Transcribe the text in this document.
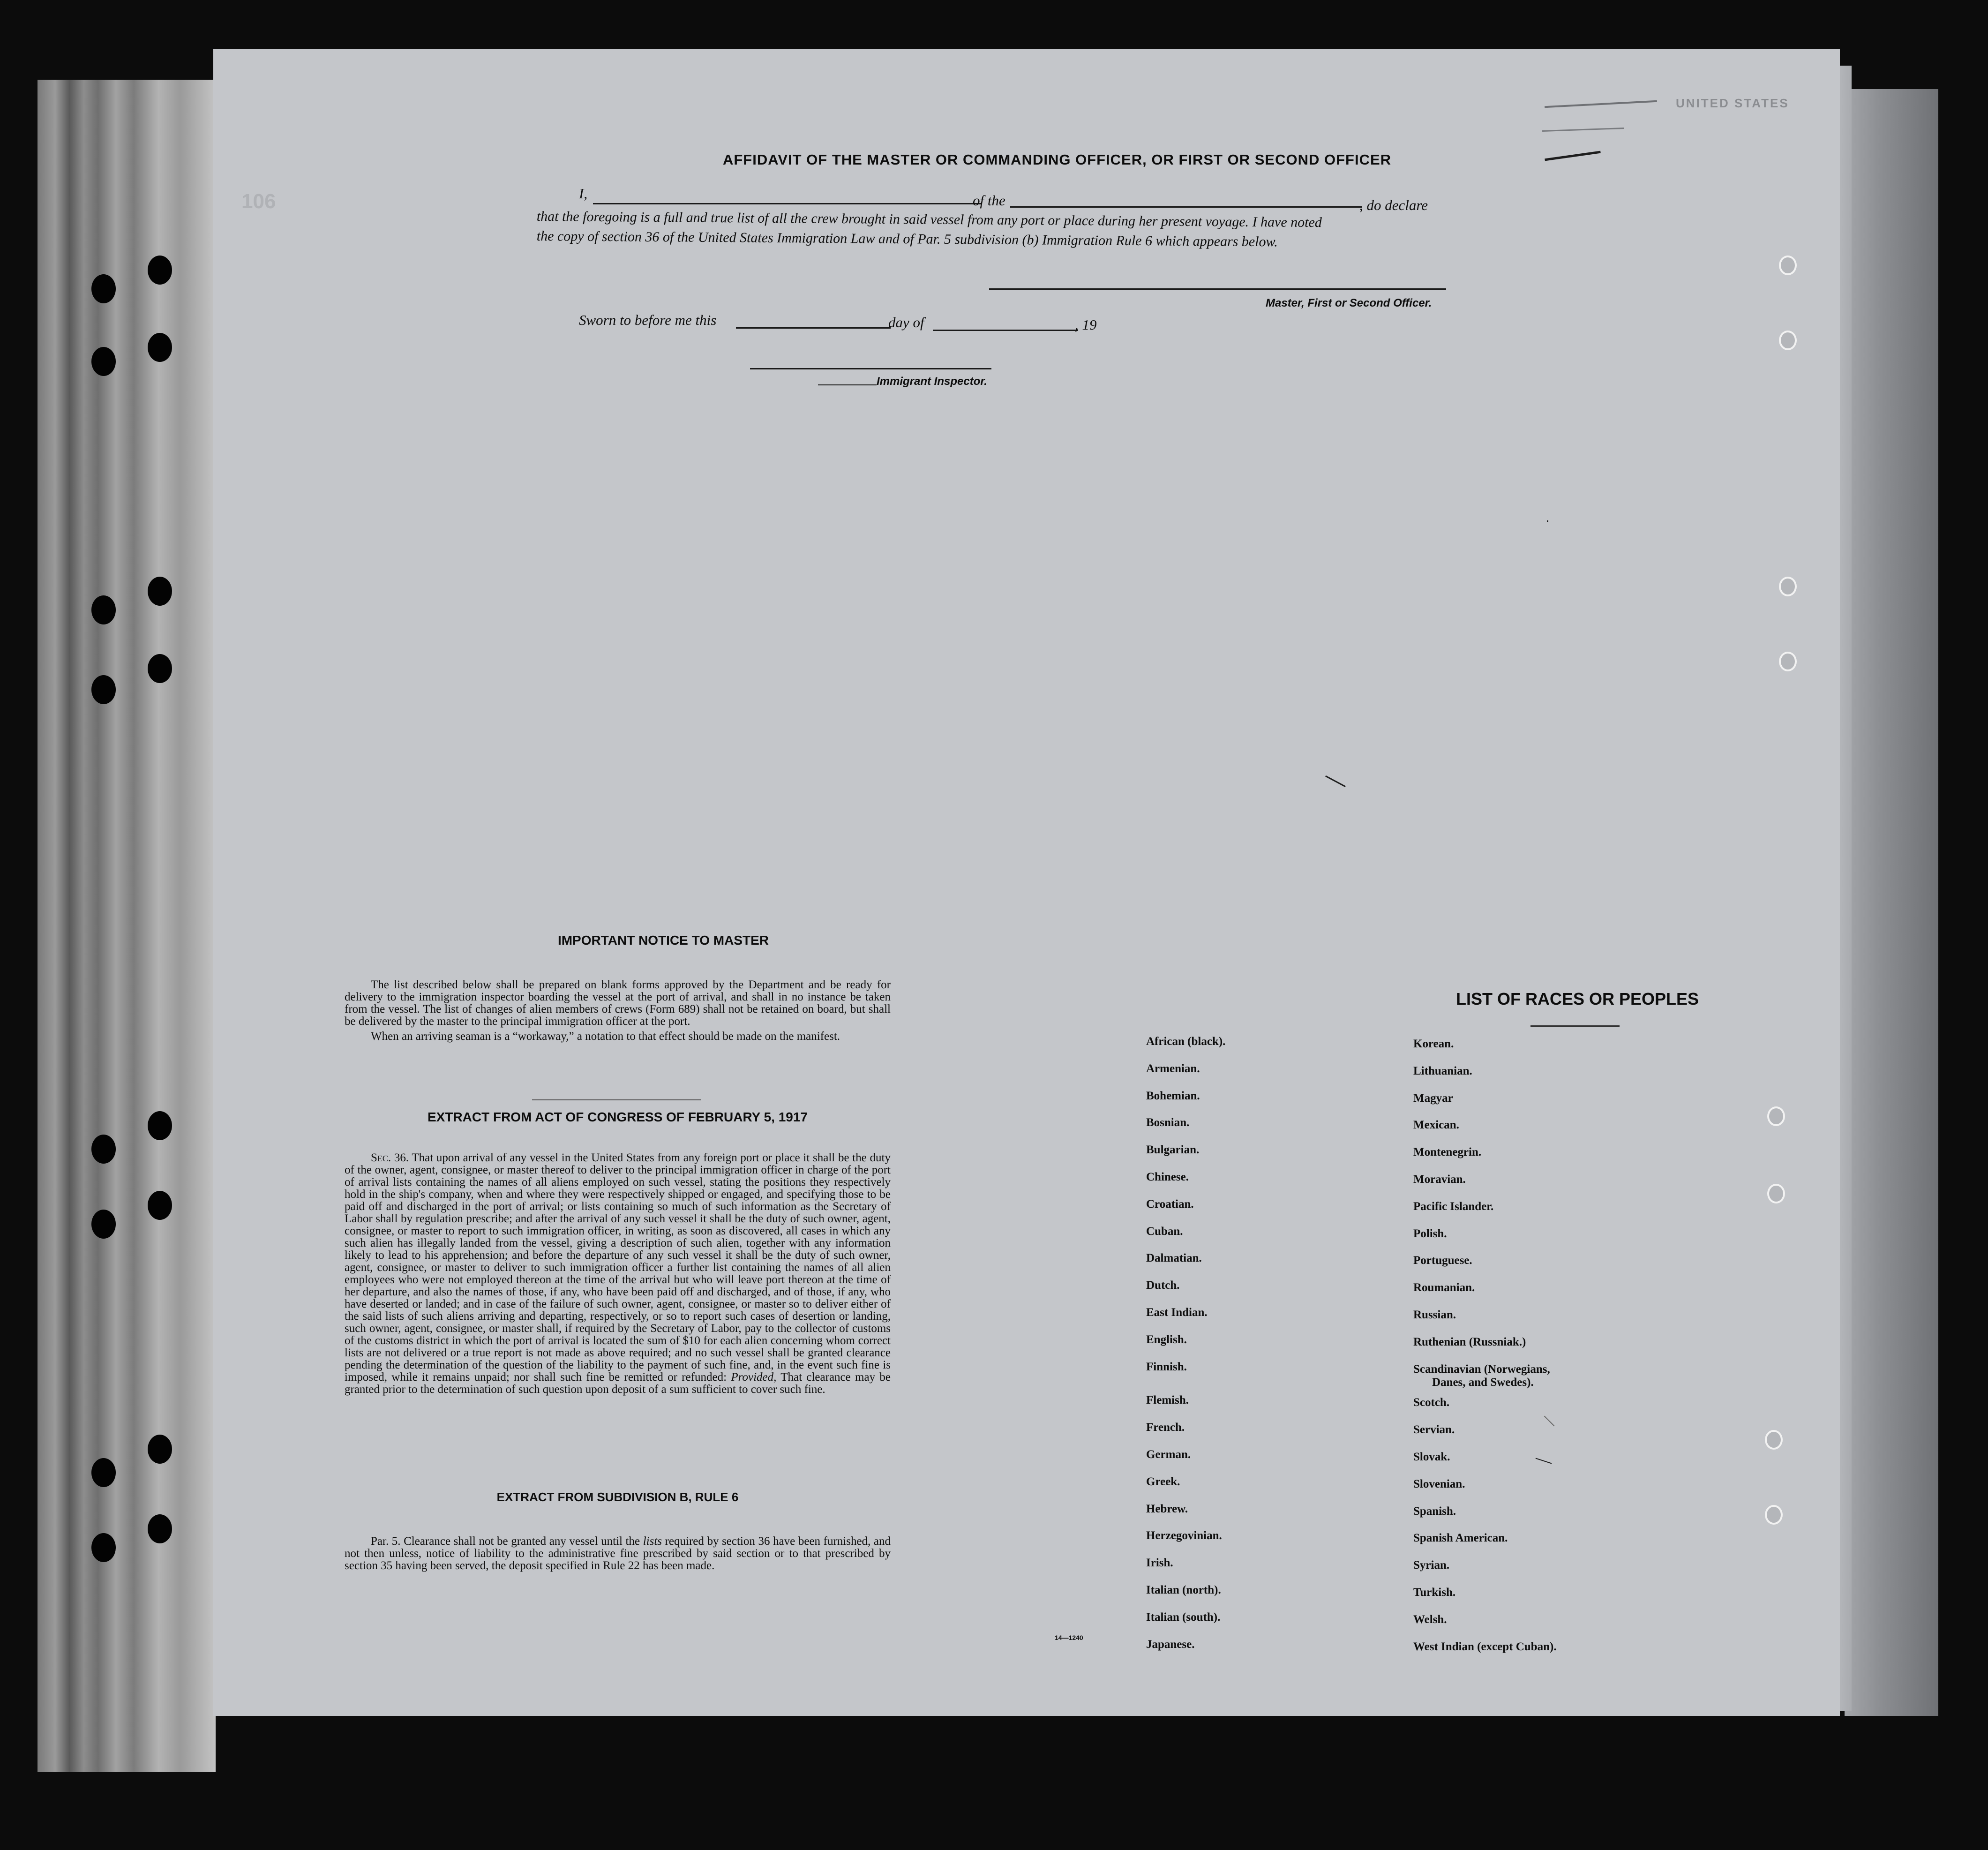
106
UNITED STATES
AFFIDAVIT OF THE MASTER OR COMMANDING OFFICER, OR FIRST OR SECOND OFFICER
I,	of the	, do declare
that the foregoing is a full and true list of all the crew brought in said vessel from any port or place during her present voyage. I have noted
the copy of section 36 of the United States Immigration Law and of Par. 5 subdivision (b) Immigration Rule 6 which appears below.
Master, First or Second Officer.
Sworn to before me this	day of	, 19
Immigrant Inspector.
IMPORTANT NOTICE TO MASTER

The list described below shall be prepared on blank forms approved by the Department and be ready for delivery to the immigration inspector boarding the vessel at the port of arrival, and shall in no instance be taken from the vessel. The list of changes of alien members of crews (Form 689) shall not be retained on board, but shall be delivered by the master to the principal immigration officer at the port.

When an arriving seaman is a “workaway,” a notation to that effect should be made on the manifest.

EXTRACT FROM ACT OF CONGRESS OF FEBRUARY 5, 1917
Sec. 36. That upon arrival of any vessel in the United States from any foreign port or place it shall be the duty of the owner, agent, consignee, or master thereof to deliver to the principal immigration officer in charge of the port of arrival lists containing the names of all aliens employed on such vessel, stating the positions they respectively hold in the ship's company, when and where they were respectively shipped or engaged, and specifying those to be paid off and discharged in the port of arrival; or lists containing so much of such information as the Secretary of Labor shall by regulation prescribe; and after the arrival of any such vessel it shall be the duty of such owner, agent, consignee, or master to report to such immigration officer, in writing, as soon as discovered, all cases in which any such alien has illegally landed from the vessel, giving a description of such alien, together with any information likely to lead to his apprehension; and before the departure of any such vessel it shall be the duty of such owner, agent, consignee, or master to deliver to such immigration officer a further list containing the names of all alien employees who were not employed thereon at the time of the arrival but who will leave port thereon at the time of her departure, and also the names of those, if any, who have been paid off and discharged, and of those, if any, who have deserted or landed; and in case of the failure of such owner, agent, consignee, or master so to deliver either of the said lists of such aliens arriving and departing, respectively, or so to report such cases of desertion or landing, such owner, agent, consignee, or master shall, if required by the Secretary of Labor, pay to the collector of customs of the customs district in which the port of arrival is located the sum of $10 for each alien concerning whom correct lists are not delivered or a true report is not made as above required; and no such vessel shall be granted clearance pending the determination of the question of the liability to the payment of such fine, and, in the event such fine is imposed, while it remains unpaid; nor shall such fine be remitted or refunded: Provided, That clearance may be granted prior to the determination of such question upon deposit of a sum sufficient to cover such fine.
EXTRACT FROM SUBDIVISION B, RULE 6
Par. 5. Clearance shall not be granted any vessel until the lists required by section 36 have been furnished, and not then unless, notice of liability to the administrative fine prescribed by said section or to that prescribed by section 35 having been served, the deposit specified in Rule 22 has been made.
14—1240
LIST OF RACES OR PEOPLES
African (black).
Armenian.
Bohemian.
Bosnian.
Bulgarian.
Chinese.
Croatian.
Cuban.
Dalmatian.
Dutch.
East Indian.
English.
Finnish.
Flemish.
French.
German.
Greek.
Hebrew.
Herzegovinian.
Irish.
Italian (north).
Italian (south).
Japanese.
Korean.
Lithuanian.
Magyar
Mexican.
Montenegrin.
Moravian.
Pacific Islander.
Polish.
Portuguese.
Roumanian.
Russian.
Ruthenian (Russniak.)
Scandinavian (Norwegians,
Danes, and Swedes).
Scotch.
Servian.
Slovak.
Slovenian.
Spanish.
Spanish American.
Syrian.
Turkish.
Welsh.
West Indian (except Cuban).
